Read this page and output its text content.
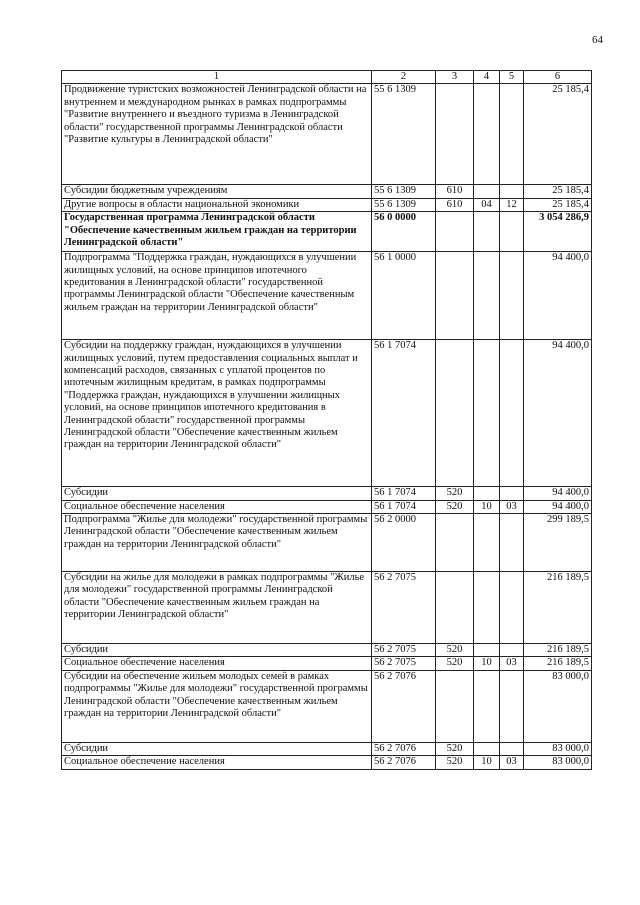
64
1	2	3	4	5	6
Продвижение туристских возможностей Ленинградской области на внутреннем и международном рынках в рамках подпрограммы "Развитие внутреннего и въездного туризма в Ленинградской области" государственной программы Ленинградской области "Развитие культуры в Ленинградской области"	55 6 1309				25 185,4
Субсидии бюджетным учреждениям	55 6 1309	610			25 185,4
Другие вопросы в области национальной экономики	55 6 1309	610	04	12	25 185,4
Государственная программа Ленинградской области "Обеспечение качественным жильем граждан на территории Ленинградской области"	56 0 0000				3 054 286,9
Подпрограмма "Поддержка граждан, нуждающихся в улучшении жилищных условий, на основе принципов ипотечного кредитования в Ленинградской области" государственной программы Ленинградской области "Обеспечение качественным жильем граждан на территории Ленинградской области"	56 1 0000				94 400,0
Субсидии на поддержку граждан, нуждающихся в улучшении жилищных условий, путем предоставления социальных выплат и компенсаций расходов, связанных с уплатой процентов по ипотечным жилищным кредитам, в рамках подпрограммы "Поддержка граждан, нуждающихся в улучшении жилищных условий, на основе принципов ипотечного кредитования в Ленинградской области" государственной программы Ленинградской области "Обеспечение качественным жильем граждан на территории Ленинградской области"	56 1 7074				94 400,0
Субсидии	56 1 7074	520			94 400,0
Социальное обеспечение населения	56 1 7074	520	10	03	94 400,0
Подпрограмма "Жилье для молодежи" государственной программы Ленинградской области "Обеспечение качественным жильем граждан на территории Ленинградской области"	56 2 0000				299 189,5
Субсидии на жилье для молодежи в рамках подпрограммы "Жилье для молодежи" государственной программы Ленинградской области "Обеспечение качественным жильем граждан на территории Ленинградской области"	56 2 7075				216 189,5
Субсидии	56 2 7075	520			216 189,5
Социальное обеспечение населения	56 2 7075	520	10	03	216 189,5
Субсидии на обеспечение жильем молодых семей в рамках подпрограммы "Жилье для молодежи" государственной программы Ленинградской области "Обеспечение качественным жильем граждан на территории Ленинградской области"	56 2 7076				83 000,0
Субсидии	56 2 7076	520			83 000,0
Социальное обеспечение населения	56 2 7076	520	10	03	83 000,0
